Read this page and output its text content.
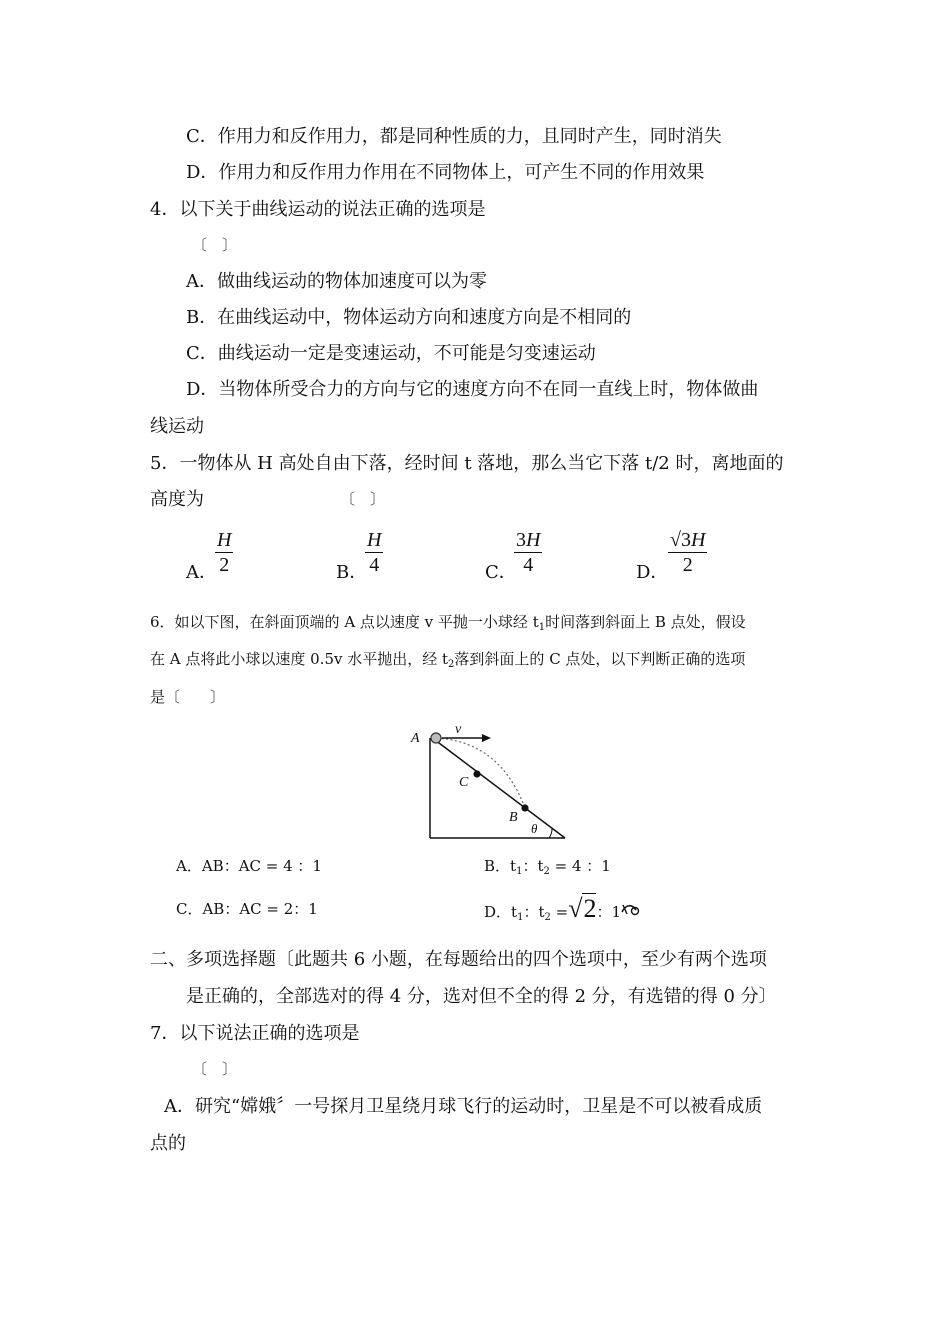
C．作用力和反作用力，都是同种性质的力，且同时产生，同时消失
D．作用力和反作用力作用在不同物体上，可产生不同的作用效果
4．以下关于曲线运动的说法正确的选项是
〔　〕
A．做曲线运动的物体加速度可以为零
B．在曲线运动中，物体运动方向和速度方向是不相同的
C．曲线运动一定是变速运动，不可能是匀变速运动
D．当物体所受合力的方向与它的速度方向不在同一直线上时，物体做曲
线运动
5．一物体从 H 高处自由下落，经时间 t 落地，那么当它下落 t/2 时，离地面的
高度为	〔　〕
A．
$\frac{H}{2}$	B．
$\frac{H}{4}$	C．
$\frac{3H}{4}$	D． $\frac{√3H}{2}$
6．如以下图，在斜面顶端的 A 点以速度 v 平抛一小球经 $t_1$时间落到斜面上 B 点处，假设
在 A 点将此小球以速度 0.5v 水平抛出，经 $t_2$落到斜面上的 C 点处，以下判断正确的选项
是〔　　〕
A
v
C
B
θ
A．AB：AC = 4 ：1	B．$t_1$：$t_2 = 4$ ：1
C．AB：AC = 2：1	D．$t_1$：$t_2 =√2$：1
二、多项选择题〔此题共 6 小题，在每题给出的四个选项中，至少有两个选项
是正确的，全部选对的得 4 分，选对但不全的得 2 分，有选错的得 0 分〕
7．以下说法正确的选项是
〔　〕
A．研究“嫦娥〞一号探月卫星绕月球飞行的运动时，卫星是不可以被看成质
点的
